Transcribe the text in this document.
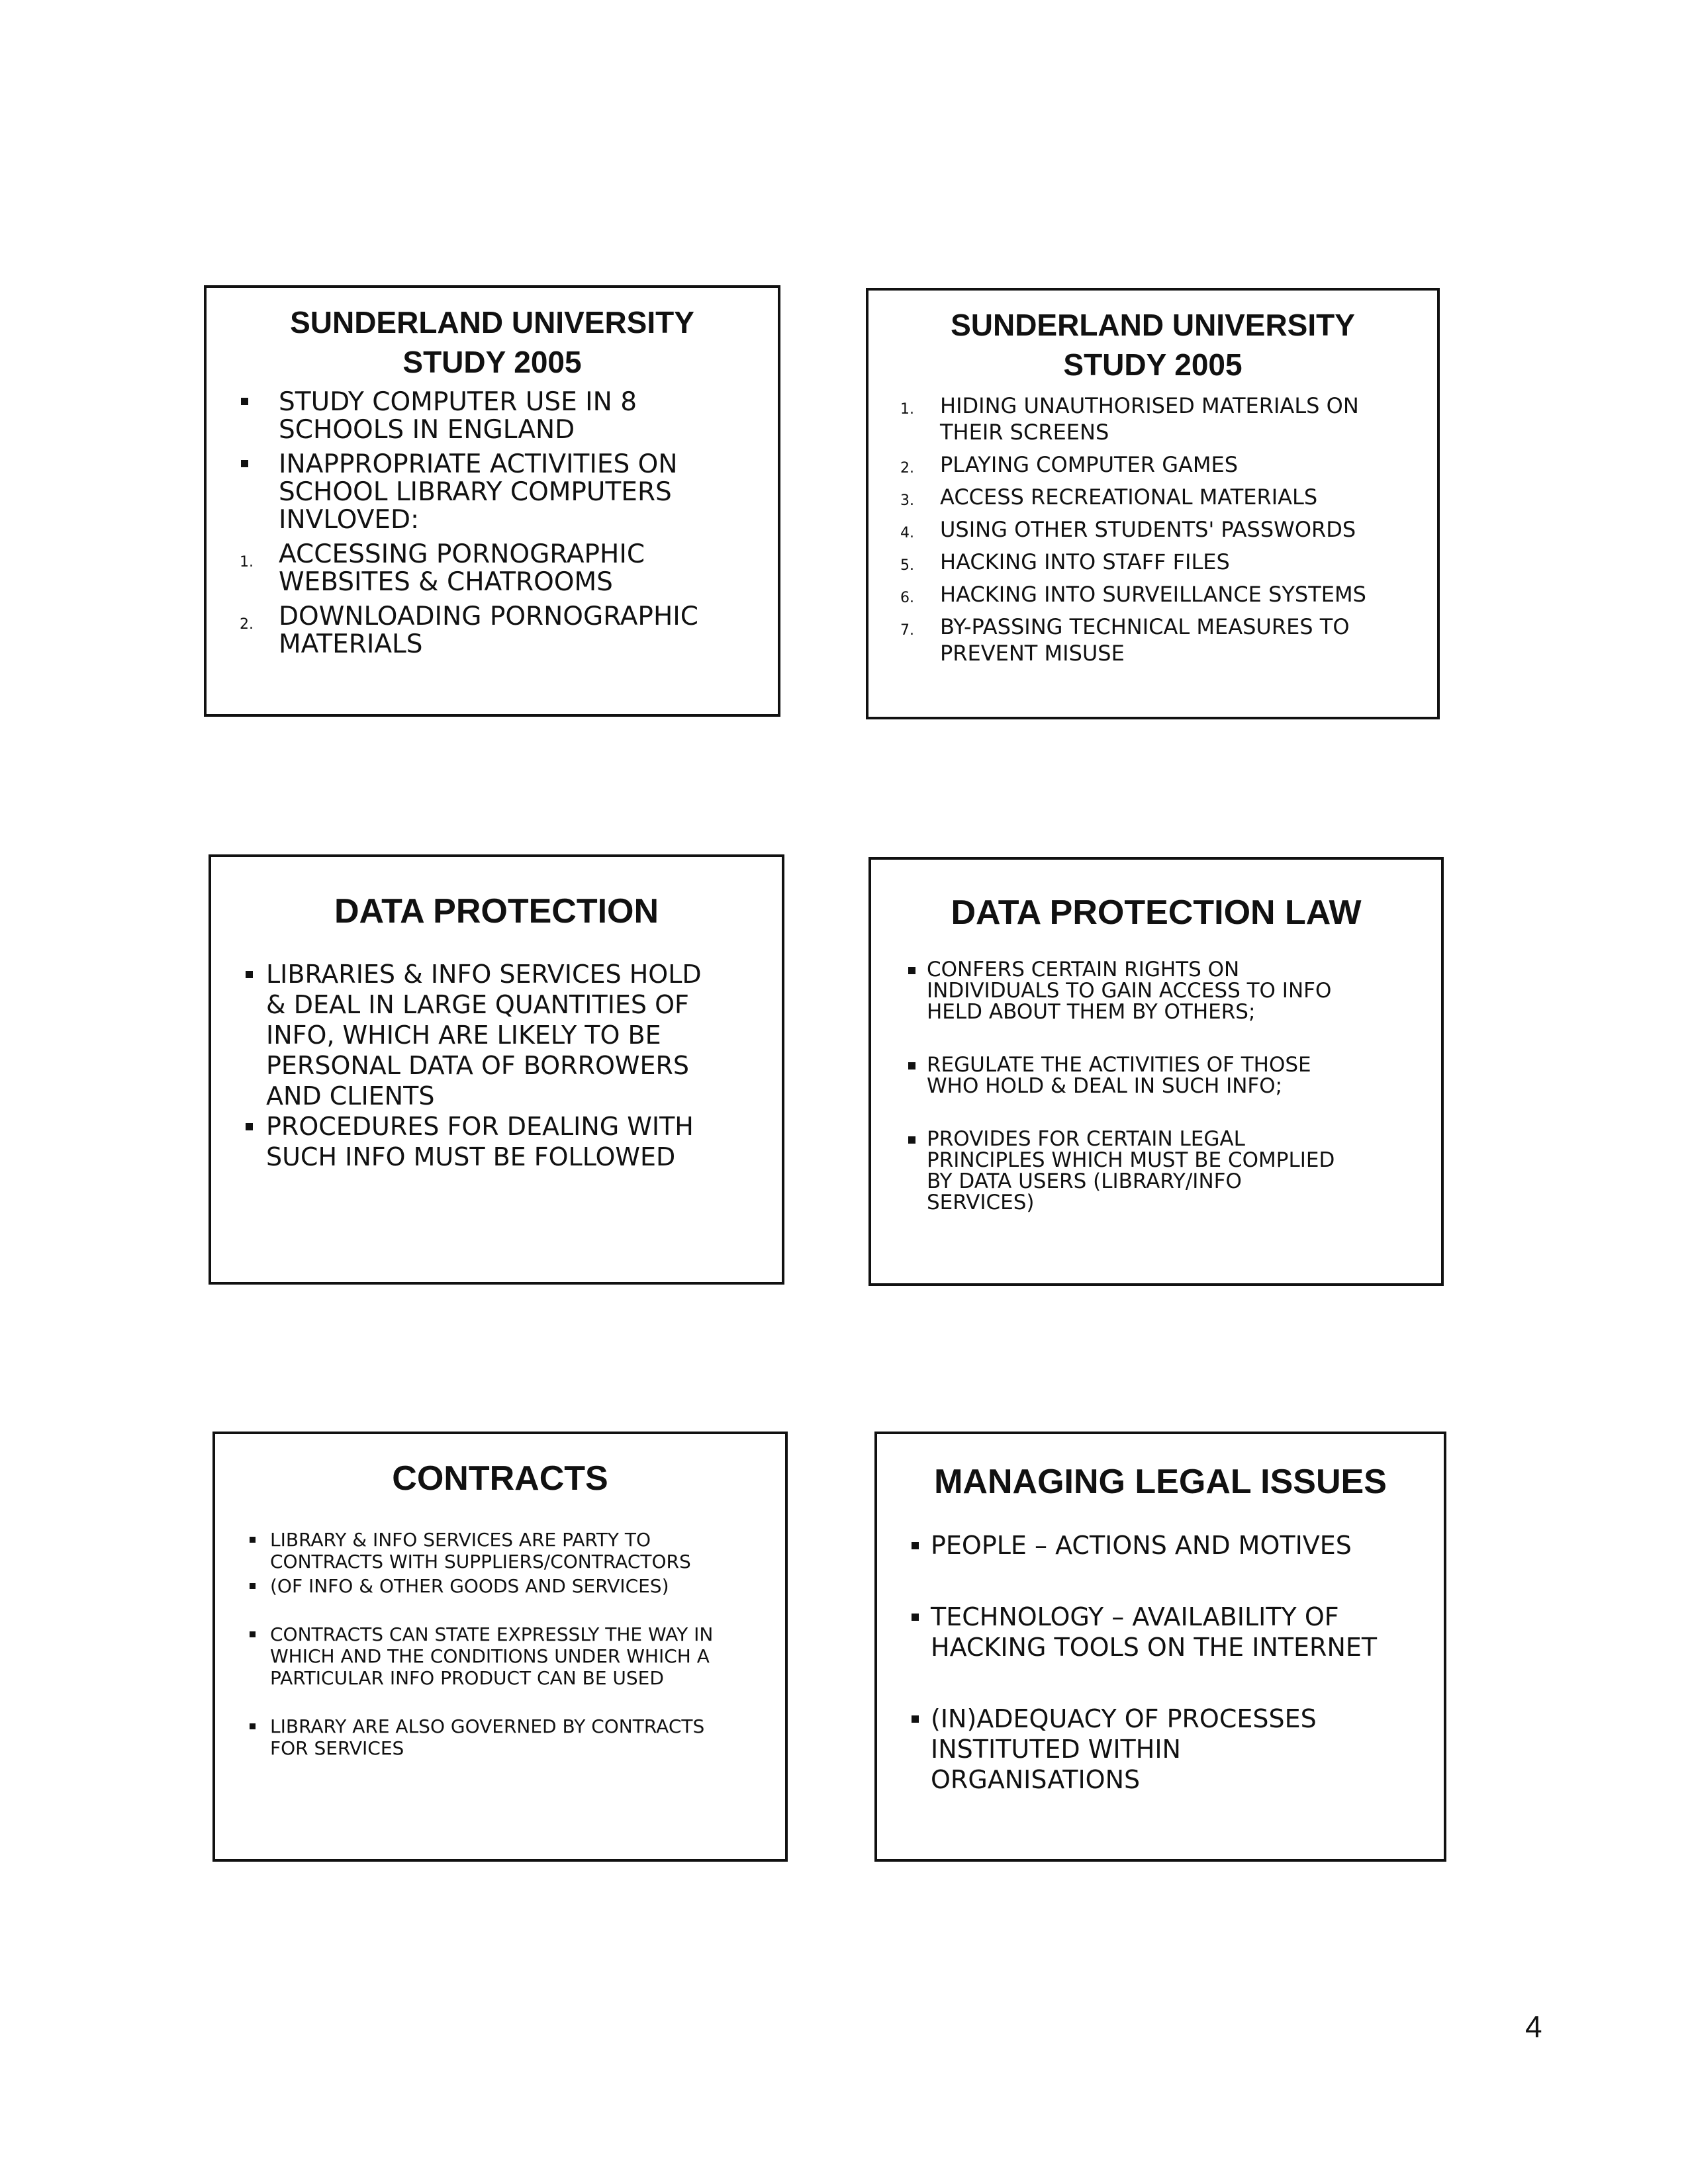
SUNDERLAND UNIVERSITY
STUDY 2005
STUDY COMPUTER USE IN 8
SCHOOLS IN ENGLAND
INAPPROPRIATE ACTIVITIES ON
SCHOOL LIBRARY COMPUTERS
INVLOVED:
1. ACCESSING PORNOGRAPHIC
WEBSITES & CHATROOMS
2. DOWNLOADING PORNOGRAPHIC
MATERIALS
SUNDERLAND UNIVERSITY
STUDY 2005
1. HIDING UNAUTHORISED MATERIALS ON
THEIR SCREENS
2. PLAYING COMPUTER GAMES
3. ACCESS RECREATIONAL MATERIALS
4. USING OTHER STUDENTS' PASSWORDS
5. HACKING INTO STAFF FILES
6. HACKING INTO SURVEILLANCE SYSTEMS
7. BY-PASSING TECHNICAL MEASURES TO
PREVENT MISUSE
DATA PROTECTION
LIBRARIES & INFO SERVICES HOLD
& DEAL IN LARGE QUANTITIES OF
INFO, WHICH ARE LIKELY TO BE
PERSONAL DATA OF BORROWERS
AND CLIENTS
PROCEDURES FOR DEALING WITH
SUCH INFO MUST BE FOLLOWED
DATA PROTECTION LAW
CONFERS CERTAIN RIGHTS ON
INDIVIDUALS TO GAIN ACCESS TO INFO
HELD ABOUT THEM BY OTHERS;
REGULATE THE ACTIVITIES OF THOSE
WHO HOLD & DEAL IN SUCH INFO;
PROVIDES FOR CERTAIN LEGAL
PRINCIPLES WHICH MUST BE COMPLIED
BY DATA USERS (LIBRARY/INFO
SERVICES)
CONTRACTS
LIBRARY & INFO SERVICES ARE PARTY TO
CONTRACTS WITH SUPPLIERS/CONTRACTORS
(OF INFO & OTHER GOODS AND SERVICES)
CONTRACTS CAN STATE EXPRESSLY THE WAY IN
WHICH AND THE CONDITIONS UNDER WHICH A
PARTICULAR INFO PRODUCT CAN BE USED
LIBRARY ARE ALSO GOVERNED BY CONTRACTS
FOR SERVICES
MANAGING LEGAL ISSUES
PEOPLE – ACTIONS AND MOTIVES
TECHNOLOGY – AVAILABILITY OF
HACKING TOOLS ON THE INTERNET
(IN)ADEQUACY OF PROCESSES
INSTITUTED WITHIN
ORGANISATIONS
4
